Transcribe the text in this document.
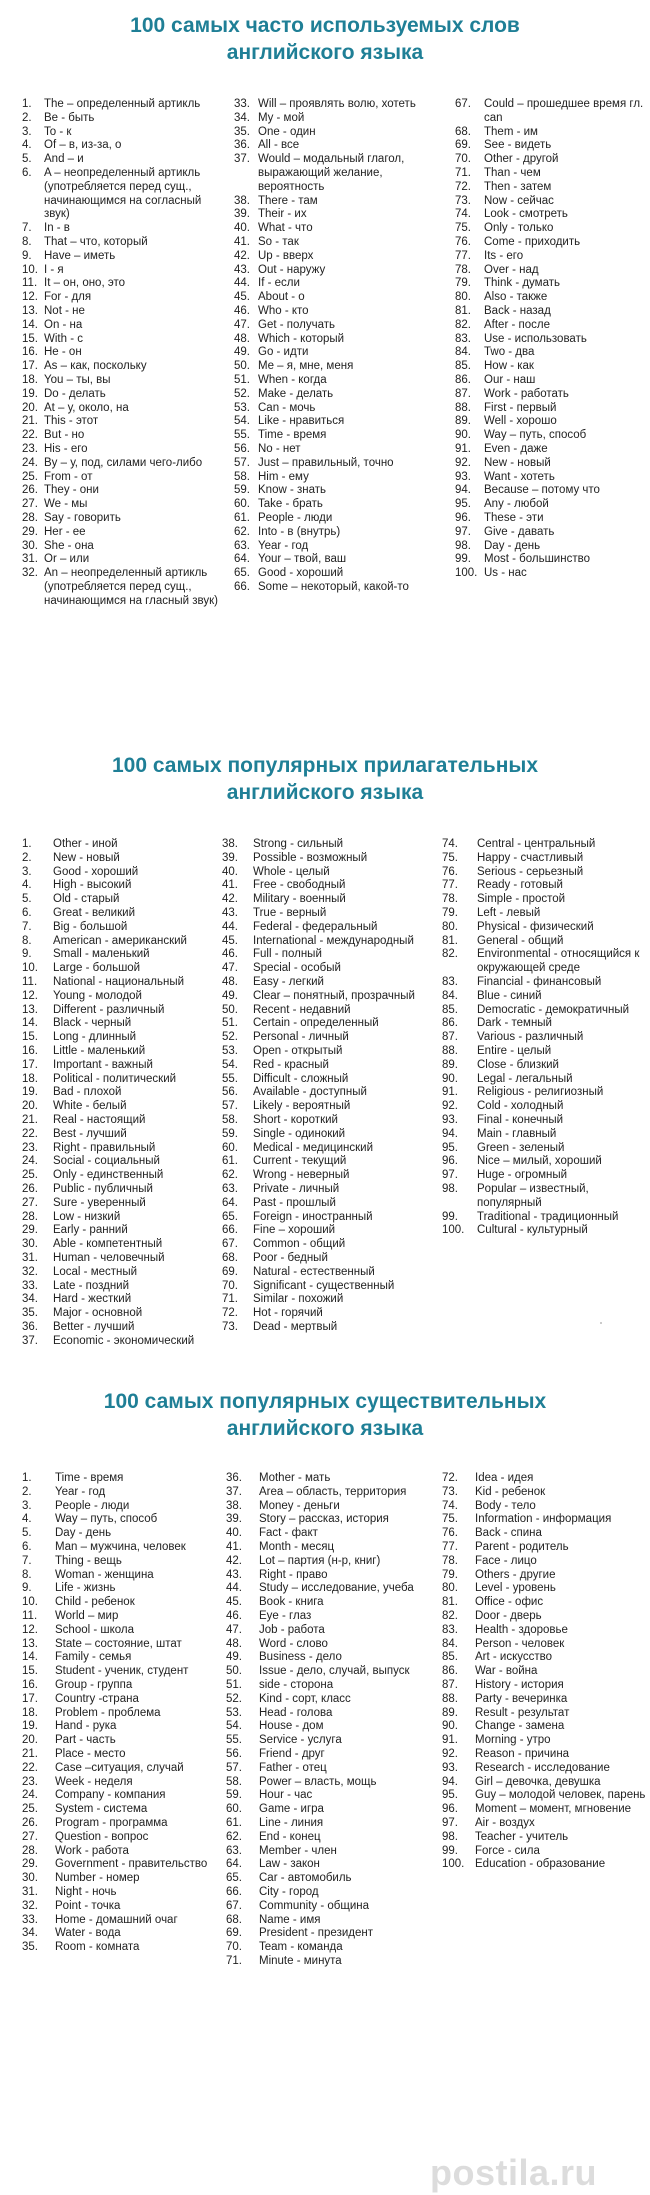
100 самых часто используемых слов
английского языка
1.	The – определенный артикль
2.	Be - быть
3.	To - к
4.	Of – в, из-за, о
5.	And – и
6.	A – неопределенный артикль (употребляется перед сущ., начинающимся на согласный звук)
7.	In - в
8.	That – что, который
9.	Have – иметь
10. I - я
11. It – он, оно, это
12. For - для
13. Not - не
14. On - на
15. With - с
16. He - он
17. As – как, поскольку
18. You – ты, вы
19. Do - делать
20. At – у, около, на
21. This - этот
22. But - но
23. His - его
24. By – у, под, силами чего-либо
25. From - от
26. They - они
27. We - мы
28. Say - говорить
29. Her - ее
30. She - она
31. Or – или
32. An – неопределенный артикль (употребляется перед сущ., начинающимся на гласный звук)
33. Will – проявлять волю, хотеть
34. My - мой
35. One - один
36. All - все
37. Would – модальный глагол, выражающий желание, вероятность
38. There - там
39. Their - их
40. What - что
41. So - так
42. Up - вверх
43. Out - наружу
44. If - если
45. About - о
46. Who - кто
47. Get - получать
48. Which - который
49. Go - идти
50. Me – я, мне, меня
51. When - когда
52. Make - делать
53. Can - мочь
54. Like - нравиться
55. Time - время
56. No - нет
57. Just – правильный, точно
58. Him - ему
59. Know - знать
60. Take - брать
61. People - люди
62. Into - в (внутрь)
63. Year - год
64. Your – твой, ваш
65. Good - хороший
66. Some – некоторый, какой-то
67.	Could – прошедшее время гл. can
68.	Them - им
69.	See - видеть
70.	Other - другой
71.	Than - чем
72.	Then - затем
73.	Now - сейчас
74.	Look - смотреть
75.	Only - только
76.	Come - приходить
77.	Its - его
78.	Over - над
79.	Think - думать
80.	Also - также
81.	Back - назад
82.	After - после
83.	Use - использовать
84.	Two - два
85.	How - как
86.	Our - наш
87.	Work - работать
88.	First - первый
89.	Well - хорошо
90.	Way – путь, способ
91.	Even - даже
92.	New - новый
93.	Want - хотеть
94.	Because – потому что
95.	Any - любой
96.	These - эти
97.	Give - давать
98.	Day - день
99.	Most - большинство
100. Us - нас
100 самых популярных прилагательных
английского языка
1.	Other - иной
2.	New - новый
3.	Good - хороший
4.	High - высокий
5.	Old - старый
6.	Great - великий
7.	Big - большой
8.	American - американский
9.	Small - маленький
10.	Large - большой
11.	National - национальный
12.	Young - молодой
13.	Different - различный
14.	Black - черный
15.	Long - длинный
16.	Little - маленький
17.	Important - важный
18.	Political - политический
19.	Bad - плохой
20.	White - белый
21.	Real - настоящий
22.	Best - лучший
23.	Right - правильный
24.	Social - социальный
25.	Only - единственный
26.	Public - публичный
27.	Sure - уверенный
28.	Low - низкий
29.	Early - ранний
30.	Able - компетентный
31.	Human - человечный
32.	Local - местный
33.	Late - поздний
34.	Hard - жесткий
35.	Major - основной
36.	Better - лучший
37.	Economic - экономический
38.	Strong - сильный
39.	Possible - возможный
40.	Whole - целый
41.	Free - свободный
42.	Military - военный
43.	True - верный
44.	Federal - федеральный
45.	International - международный
46.	Full - полный
47.	Special - особый
48.	Easy - легкий
49.	Clear – понятный, прозрачный
50.	Recent - недавний
51.	Certain - определенный
52.	Personal - личный
53.	Open - открытый
54.	Red - красный
55.	Difficult - сложный
56.	Available - доступный
57.	Likely - вероятный
58.	Short - короткий
59.	Single - одинокий
60.	Medical - медицинский
61.	Current - текущий
62.	Wrong - неверный
63.	Private - личный
64.	Past - прошлый
65.	Foreign - иностранный
66.	Fine – хороший
67.	Common - общий
68.	Poor - бедный
69.	Natural - естественный
70.	Significant - существенный
71.	Similar - похожий
72.	Hot - горячий
73.	Dead - мертвый
74.	Central - центральный
75.	Happy - счастливый
76.	Serious - серьезный
77.	Ready - готовый
78.	Simple - простой
79.	Left - левый
80.	Physical - физический
81.	General - общий
82.	Environmental - относящийся к окружающей среде
83.	Financial - финансовый
84.	Blue - синий
85.	Democratic - демократичный
86.	Dark - темный
87.	Various - различный
88.	Entire - целый
89.	Close - близкий
90.	Legal - легальный
91.	Religious - религиозный
92.	Cold - холодный
93.	Final - конечный
94.	Main - главный
95.	Green - зеленый
96.	Nice – милый, хороший
97.	Huge - огромный
98.	Popular – известный, популярный
99.	Traditional - традиционный
100.	Cultural - культурный
100 самых популярных существительных
английского языка
1.	Time - время
2.	Year - год
3.	People - люди
4.	Way – путь, способ
5.	Day - день
6.	Man – мужчина, человек
7.	Thing - вещь
8.	Woman - женщина
9.	Life - жизнь
10.	Child - ребенок
11.	World – мир
12.	School - школа
13.	State – состояние, штат
14.	Family - семья
15.	Student - ученик, студент
16.	Group - группа
17.	Country -страна
18.	Problem - проблема
19.	Hand - рука
20.	Part - часть
21.	Place - место
22.	Case –ситуация, случай
23.	Week - неделя
24.	Company - компания
25.	System - система
26.	Program - программа
27.	Question - вопрос
28.	Work - работа
29.	Government - правительство
30.	Number - номер
31.	Night - ночь
32.	Point - точка
33.	Home - домашний очаг
34.	Water - вода
35.	Room - комната
36.	Mother - мать
37.	Area – область, территория
38.	Money - деньги
39.	Story – рассказ, история
40.	Fact - факт
41.	Month - месяц
42.	Lot – партия (н-р, книг)
43.	Right - право
44.	Study – исследование, учеба
45.	Book - книга
46.	Eye - глаз
47.	Job - работа
48.	Word - слово
49.	Business - дело
50.	Issue - дело, случай, выпуск
51.	side - сторона
52.	Kind - сорт, класс
53.	Head - голова
54.	House - дом
55.	Service - услуга
56.	Friend - друг
57.	Father - отец
58.	Power – власть, мощь
59.	Hour - час
60.	Game - игра
61.	Line - линия
62.	End - конец
63.	Member - член
64.	Law - закон
65.	Car - автомобиль
66.	City - город
67.	Community - община
68.	Name - имя
69.	President - президент
70.	Team - команда
71.	Minute - минута
72.	Idea - идея
73.	Kid - ребенок
74.	Body - тело
75.	Information - информация
76.	Back - спина
77.	Parent - родитель
78.	Face - лицо
79.	Others - другие
80.	Level - уровень
81.	Office - офис
82.	Door - дверь
83.	Health - здоровье
84.	Person - человек
85.	Art - искусство
86.	War - война
87.	History - история
88.	Party - вечеринка
89.	Result - результат
90.	Change - замена
91.	Morning - утро
92.	Reason - причина
93.	Research - исследование
94.	Girl – девочка, девушка
95.	Guy – молодой человек, парень
96.	Moment – момент, мгновение
97.	Air - воздух
98.	Teacher - учитель
99.	Force - сила
100. Education - образование
postila.ru
